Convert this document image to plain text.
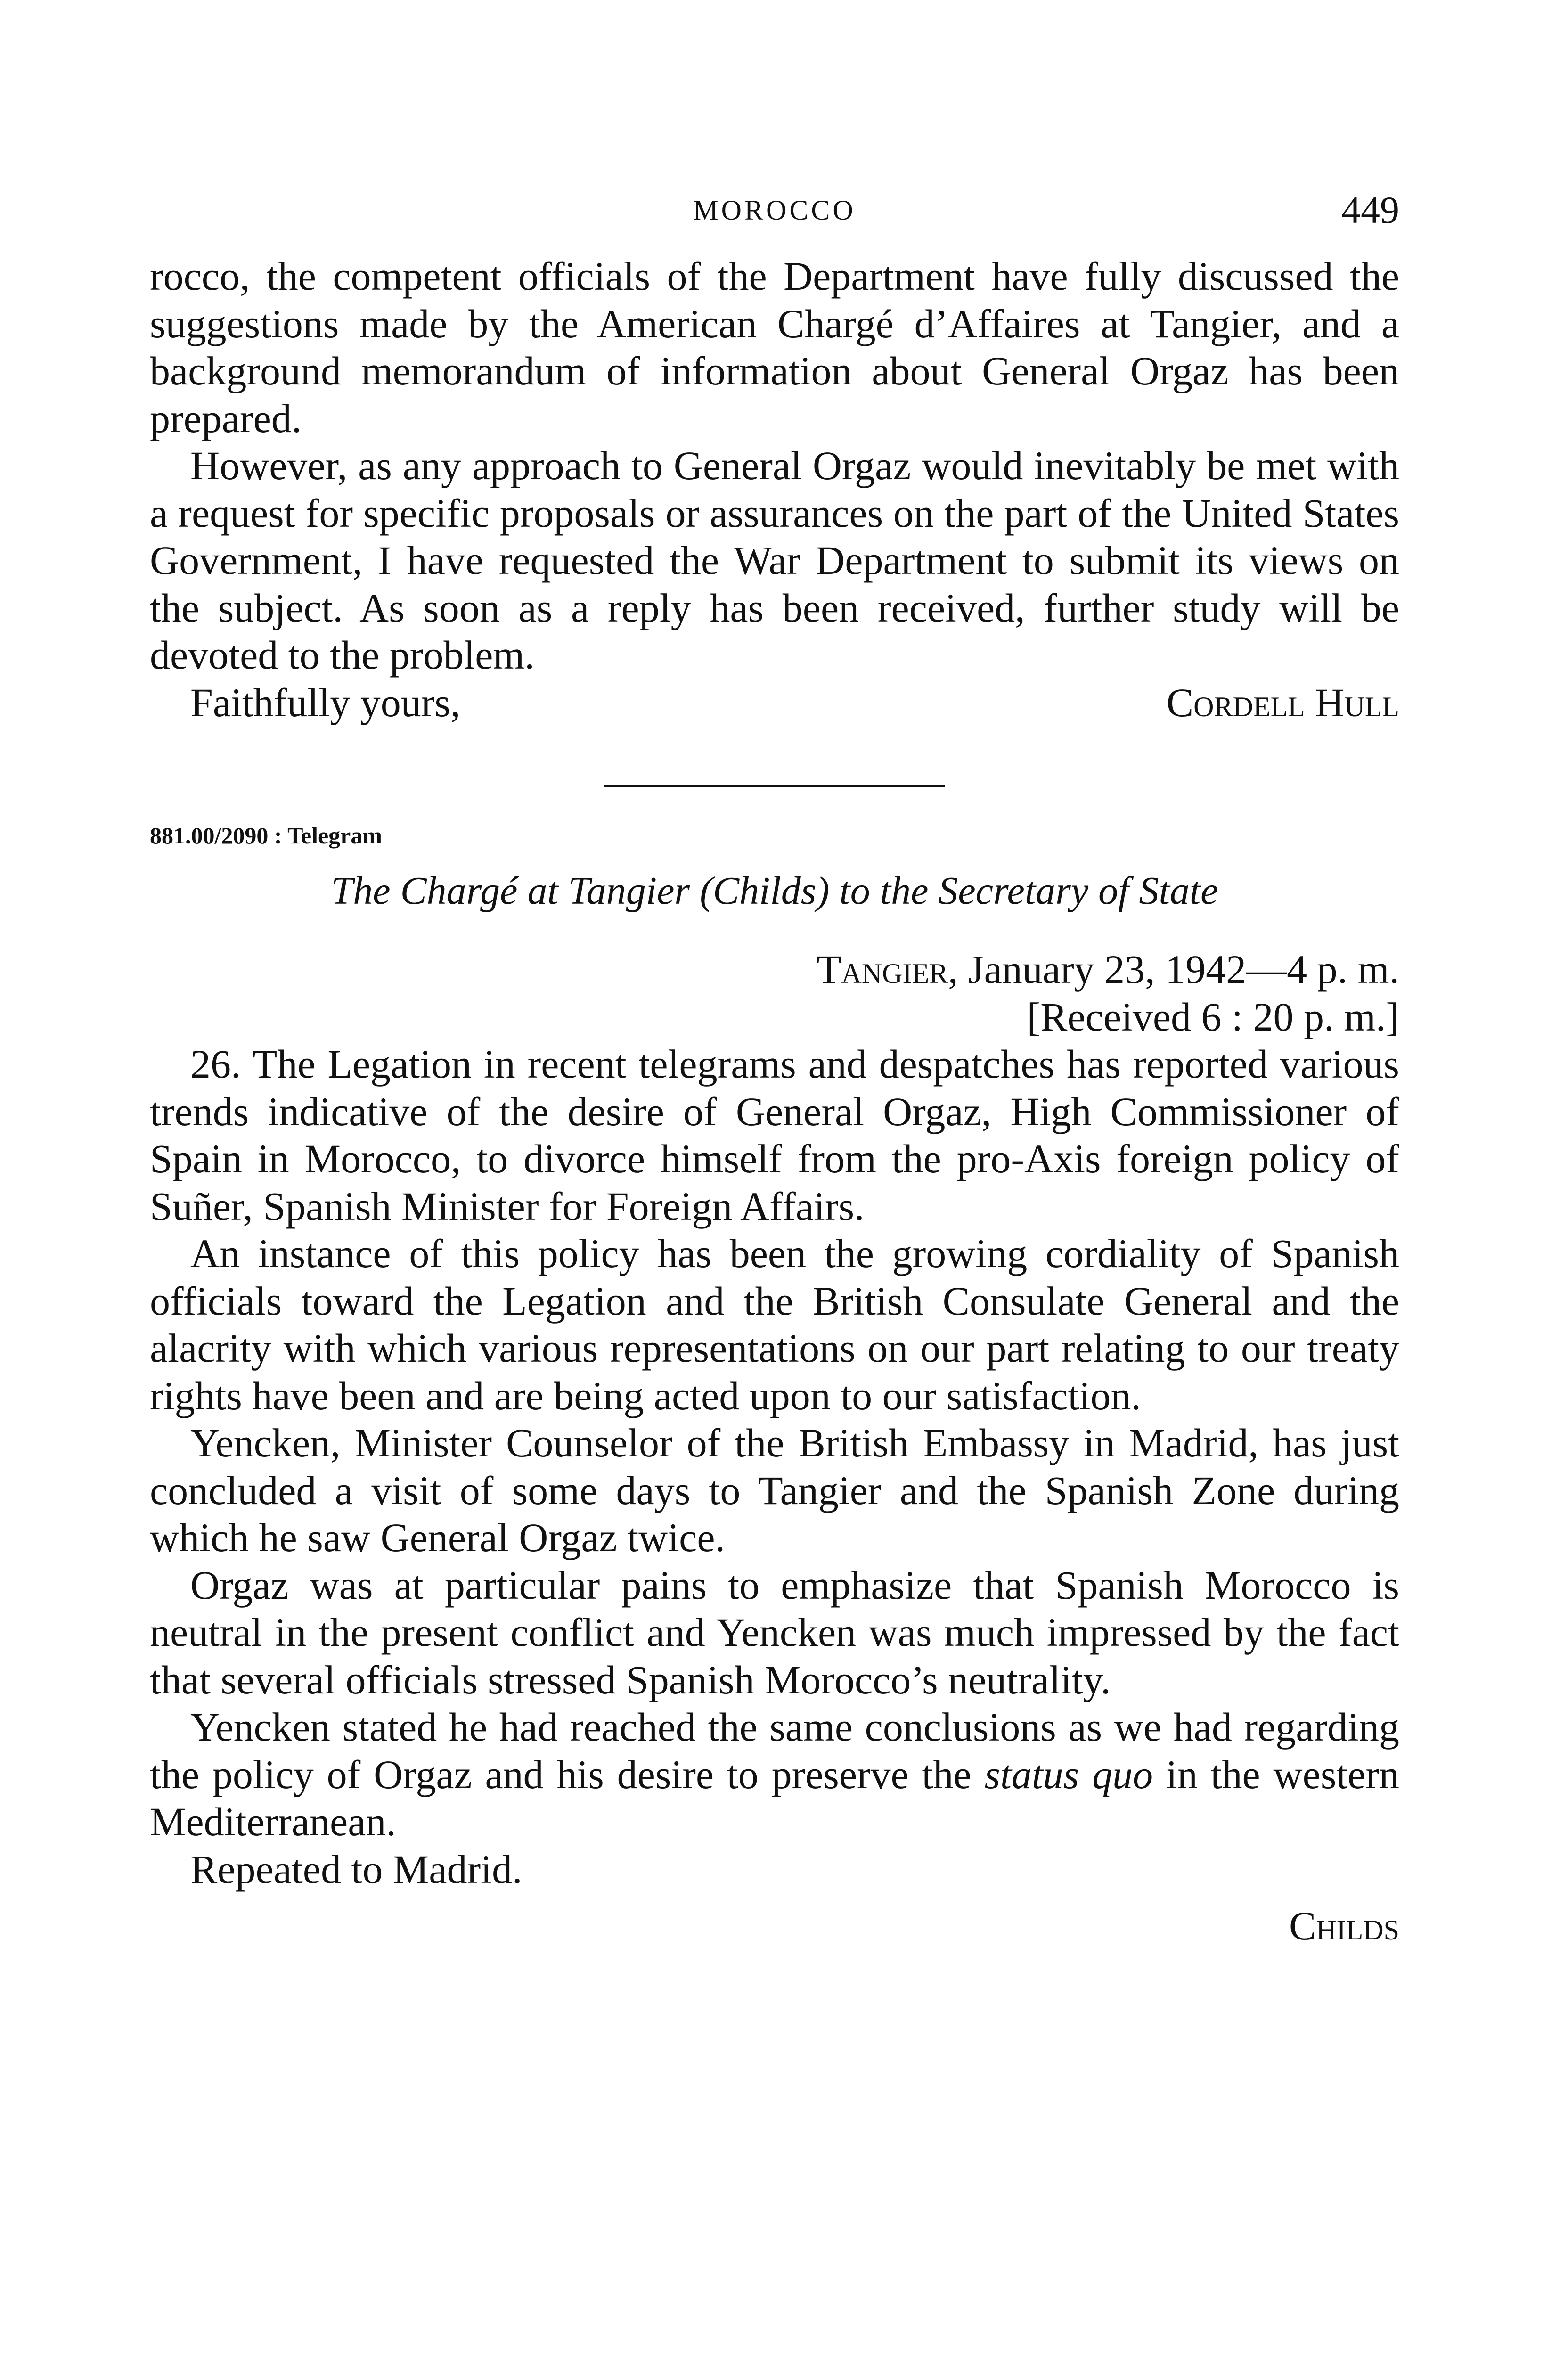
MOROCCO	449

rocco, the competent officials of the Department have fully discussed the suggestions made by the American Chargé d’Affaires at Tangier, and a background memorandum of information about General Orgaz has been prepared.

However, as any approach to General Orgaz would inevitably be met with a request for specific proposals or assurances on the part of the United States Government, I have requested the War Department to submit its views on the subject. As soon as a reply has been received, further study will be devoted to the problem.

Faithfully yours,	Cordell Hull
881.00/2090 : Telegram
The Chargé at Tangier (Childs) to the Secretary of State
Tangier, January 23, 1942—4 p. m.
[Received 6 : 20 p. m.]

26. The Legation in recent telegrams and despatches has reported various trends indicative of the desire of General Orgaz, High Commissioner of Spain in Morocco, to divorce himself from the pro-Axis foreign policy of Suñer, Spanish Minister for Foreign Affairs.

An instance of this policy has been the growing cordiality of Spanish officials toward the Legation and the British Consulate General and the alacrity with which various representations on our part relating to our treaty rights have been and are being acted upon to our satisfaction.

Yencken, Minister Counselor of the British Embassy in Madrid, has just concluded a visit of some days to Tangier and the Spanish Zone during which he saw General Orgaz twice.

Orgaz was at particular pains to emphasize that Spanish Morocco is neutral in the present conflict and Yencken was much impressed by the fact that several officials stressed Spanish Morocco’s neutrality.

Yencken stated he had reached the same conclusions as we had regarding the policy of Orgaz and his desire to preserve the status quo in the western Mediterranean.

Repeated to Madrid.

Childs
